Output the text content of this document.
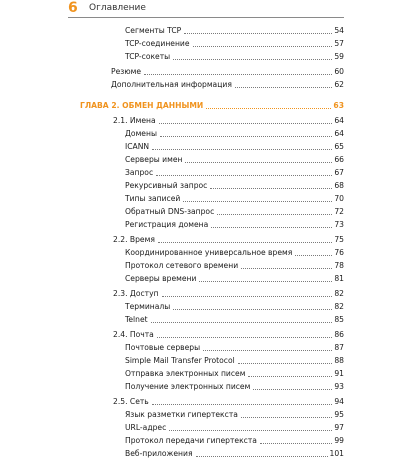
6 Оглавление
Сегменты TCP	54
TCP-соединение	57
TCP-сокеты	59
Резюме	60
Дополнительная информация	62
ГЛАВА 2. ОБМЕН ДАННЫМИ	63
2.1. Имена	64
Домены	64
ICANN	65
Серверы имен	66
Запрос	67
Рекурсивный запрос	68
Типы записей	70
Обратный DNS-запрос	72
Регистрация домена	73
2.2. Время	75
Координированное универсальное время	76
Протокол сетевого времени	78
Серверы времени	81
2.3. Доступ	82
Терминалы	82
Telnet	85
2.4. Почта	86
Почтовые серверы	87
Simple Mail Transfer Protocol	88
Отправка электронных писем	91
Получение электронных писем	93
2.5. Сеть	94
Язык разметки гипертекста	95
URL-адрес	97
Протокол передачи гипертекста	99
Веб-приложения	101
